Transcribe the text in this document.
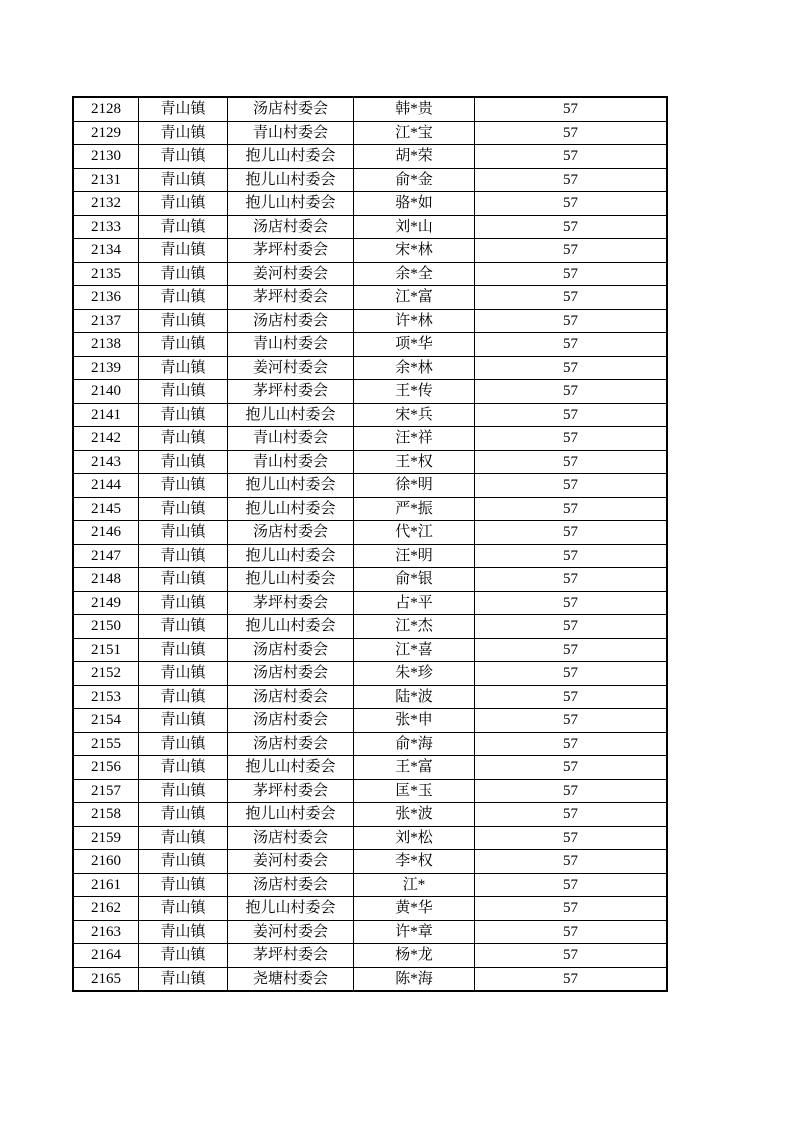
2128	青山镇	汤店村委会	韩*贵	57
2129	青山镇	青山村委会	江*宝	57
2130	青山镇	抱儿山村委会	胡*荣	57
2131	青山镇	抱儿山村委会	俞*金	57
2132	青山镇	抱儿山村委会	骆*如	57
2133	青山镇	汤店村委会	刘*山	57
2134	青山镇	茅坪村委会	宋*林	57
2135	青山镇	姜河村委会	余*全	57
2136	青山镇	茅坪村委会	江*富	57
2137	青山镇	汤店村委会	许*林	57
2138	青山镇	青山村委会	项*华	57
2139	青山镇	姜河村委会	余*林	57
2140	青山镇	茅坪村委会	王*传	57
2141	青山镇	抱儿山村委会	宋*兵	57
2142	青山镇	青山村委会	汪*祥	57
2143	青山镇	青山村委会	王*权	57
2144	青山镇	抱儿山村委会	徐*明	57
2145	青山镇	抱儿山村委会	严*振	57
2146	青山镇	汤店村委会	代*江	57
2147	青山镇	抱儿山村委会	汪*明	57
2148	青山镇	抱儿山村委会	俞*银	57
2149	青山镇	茅坪村委会	占*平	57
2150	青山镇	抱儿山村委会	江*杰	57
2151	青山镇	汤店村委会	江*喜	57
2152	青山镇	汤店村委会	朱*珍	57
2153	青山镇	汤店村委会	陆*波	57
2154	青山镇	汤店村委会	张*申	57
2155	青山镇	汤店村委会	俞*海	57
2156	青山镇	抱儿山村委会	王*富	57
2157	青山镇	茅坪村委会	匡*玉	57
2158	青山镇	抱儿山村委会	张*波	57
2159	青山镇	汤店村委会	刘*松	57
2160	青山镇	姜河村委会	李*权	57
2161	青山镇	汤店村委会	江*	57
2162	青山镇	抱儿山村委会	黄*华	57
2163	青山镇	姜河村委会	许*章	57
2164	青山镇	茅坪村委会	杨*龙	57
2165	青山镇	尧塘村委会	陈*海	57
